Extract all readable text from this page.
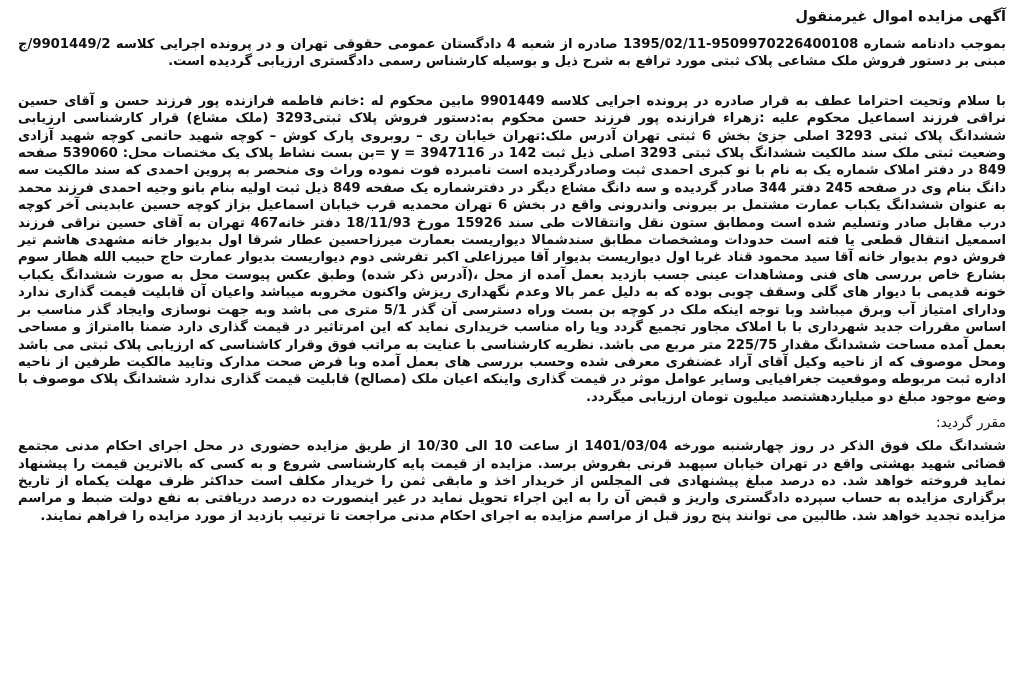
آگهی مزایده اموال غیرمنقول

بموجب دادنامه شماره 9509970226400108-1395/02/11 صادره از شعبه 4 دادگستان عمومی حقوقی تهران و در پرونده اجرایی کلاسه 9901449/2/ج مبنی بر دستور فروش ملک مشاعی پلاک ثبتی مورد ترافع به شرح ذیل و بوسیله کارشناس رسمی دادگستری ارزیابی گردیده است.

با سلام وتحیت احتراما عطف به قرار صادره در پرونده اجرایی کلاسه 9901449 مابین محکوم له :خانم فاطمه فرازنده پور فرزند حسن و آقای حسین نراقی فرزند اسماعیل محکوم علیه :زهراء فرازنده پور فرزند حسن محکوم به:دستور فروش پلاک ثبتی3293 (ملک مشاع) قرار کارشناسی ارزیابی ششدانگ پلاک ثبتی 3293 اصلی جزئ بخش 6 ثبتی تهران آدرس ملک:تهران خیابان ری – روبروی پارک کوش – کوچه شهید حاتمی کوچه شهید آزادی وضعیت ثبتی ملک سند مالکیت ششدانگ پلاک ثبتی 3293 اصلی ذیل ثبت 142 در y = 3947116 =بن بست نشاط پلاک یک مختصات محل: 539060 صفحه 849 در دفتر املاک شماره یک به نام با نو کبری احمدی ثبت وصادرگردیده است نامبرده فوت نموده وراث وی منحصر به پروین احمدی که سند مالکیت سه دانگ بنام وی در صفحه 245 دفتر 344 صادر گردیده و سه دانگ مشاع دیگر در دفترشماره یک صفحه 849 ذیل ثبت اولیه بنام بانو وجیه احمدی فرزند محمد به عنوان ششدانگ یکباب عمارت مشتمل بر بیرونی واندرونی واقع در بخش 6 تهران محمدیه قرب خیابان اسماعیل بزاز کوچه حسین عابدینی آخر کوچه درب مقابل صادر وتسلیم شده است ومطابق ستون نقل وانتقالات طی سند 15926 مورخ 18/11/93 دفتر خانه467 تهران به آقای حسین نراقی فرزند اسمعیل انتقال قطعی یا فته است حدودات ومشخصات مطابق سندشمالا دیواریست بعمارت میرزاحسین عطار شرقا اول بدیوار خانه مشهدی هاشم تیر فروش دوم بدیوار خانه آقا سید محمود قناد غربا اول دیواریست بدیوار آقا میرزاعلی اکبر تفرشی دوم دیواریست بدیوار عمارت حاج حبیب الله هطار سوم بشارع خاص بررسی های فنی ومشاهدات عینی جسب بازدید بعمل آمده از محل ،(آدرس ذکر شده) وطبق عکس پیوست محل به صورت ششدانگ یکباب خونه قدیمی با دیوار های گلی وسقف چوبی بوده که به دلیل عمر بالا وعدم نگهداری ریزش واکنون مخروبه میباشد واعیان آن قابلیت قیمت گذاری ندارد ودارای امتیاز آب وبرق میباشد وبا توجه اینکه ملک در کوچه بن بست وراه دسترسی آن گذر 5/1 متری می باشد وبه جهت نوسازی وایجاد گذر مناسب بر اساس مقررات جدید شهرداری با با املاک مجاور تجمیع گردد ویا راه مناسب خریداری نماید که این امرتاثیر در قیمت گذاری دارد ضمنا باامتراژ و مساحی بعمل آمده مساحت ششدانگ مقدار 225/75 متر مربع می باشد. نظریه کارشناسی با عنایت به مراتب فوق وقرار کاشناسی که ارزیابی پلاک ثبتی می باشد ومحل موصوف که از ناحیه وکیل آقای آراد غضنفری معرفی شده وحسب بررسی های بعمل آمده وبا فرض صحت مدارک وتایید مالکیت طرفین از ناحیه اداره ثبت مربوطه وموقعیت جغرافیایی وسایر عوامل موثر در قیمت گذاری واینکه اعیان ملک (مصالح) قابلیت قیمت گذاری ندارد ششدانگ پلاک موصوف با وضع موجود مبلغ دو میلیاردهشتصد میلیون تومان ارزیابی میگردد.

مقرر گردید:

ششدانگ ملک فوق الذکر در روز چهارشنبه مورخه 1401/03/04 از ساعت 10 الی 10/30 از طریق مزایده حضوری در محل اجرای احکام مدنی مجتمع قضائی شهید بهشتی واقع در تهران خیابان سپهبد قرنی بفروش برسد. مزایده از قیمت پایه کارشناسی شروع و به کسی که بالاترین قیمت را پیشنهاد نماید فروخته خواهد شد. ده درصد مبلغ پیشنهادی فی المجلس از خریدار اخذ و مابقی ثمن را خریدار مکلف است حداکثر ظرف مهلت یکماه از تاریخ برگزاری مزایده به حساب سپرده دادگستری واریز و قبض آن را به این اجراء تحویل نماید در غیر اینصورت ده درصد دریافتی به نفع دولت ضبط و مراسم مزایده تجدید خواهد شد. طالبین می توانند پنج روز قبل از مراسم مزایده به اجرای احکام مدنی مراجعت تا ترتیب بازدید از مورد مزایده را فراهم نمایند.
